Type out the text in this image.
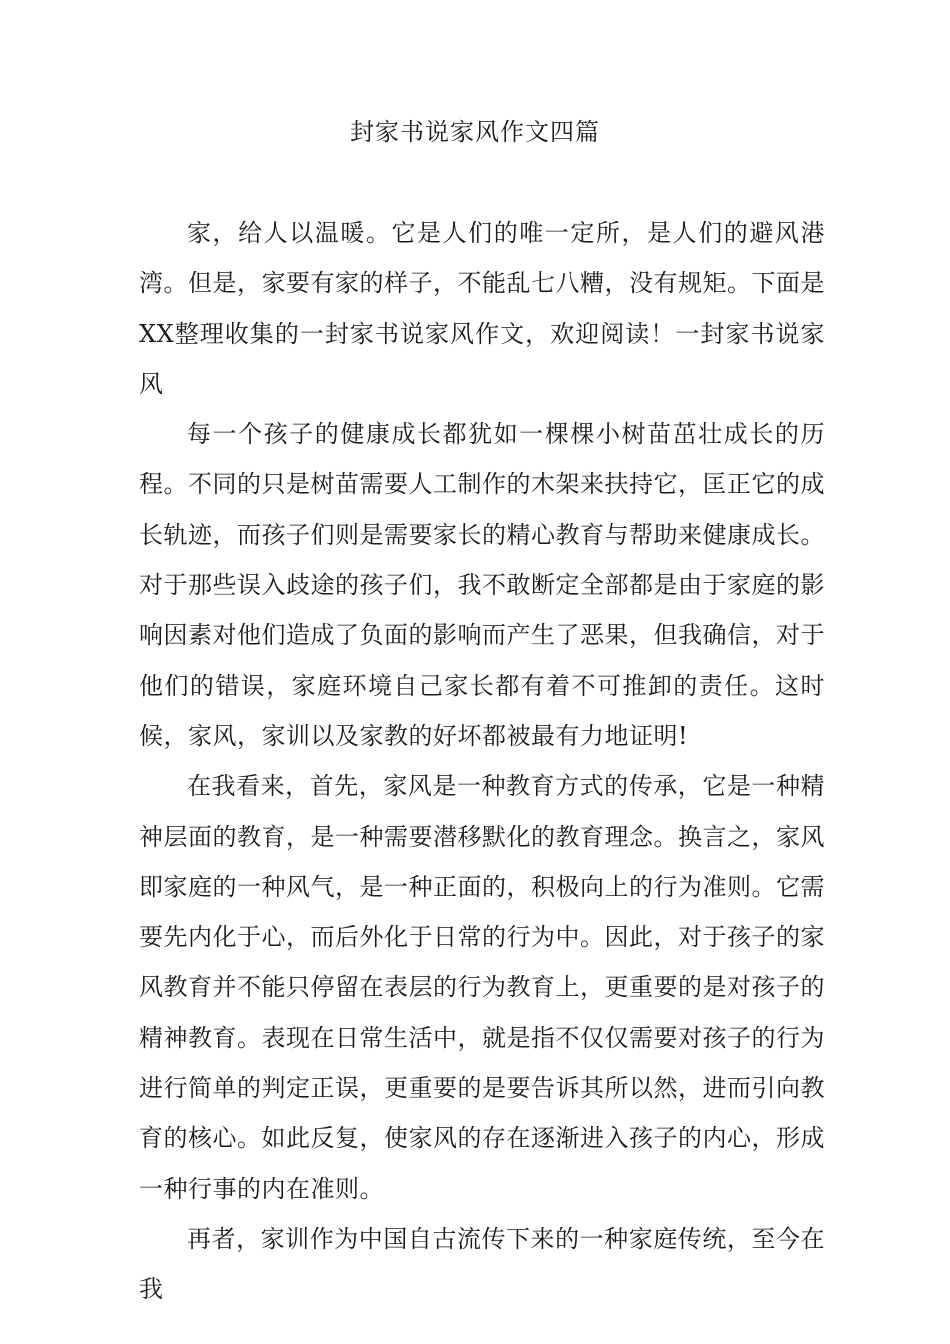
封家书说家风作文四篇

家，给人以温暖。它是人们的唯一定所，是人们的避风港湾。但是，家要有家的样子，不能乱七八糟，没有规矩。下面是XX整理收集的一封家书说家风作文，欢迎阅读！一封家书说家风

每一个孩子的健康成长都犹如一棵棵小树苗茁壮成长的历程。不同的只是树苗需要人工制作的木架来扶持它，匡正它的成长轨迹，而孩子们则是需要家长的精心教育与帮助来健康成长。对于那些误入歧途的孩子们，我不敢断定全部都是由于家庭的影响因素对他们造成了负面的影响而产生了恶果，但我确信，对于他们的错误，家庭环境自己家长都有着不可推卸的责任。这时候，家风，家训以及家教的好坏都被最有力地证明!

在我看来，首先，家风是一种教育方式的传承，它是一种精神层面的教育，是一种需要潜移默化的教育理念。换言之，家风即家庭的一种风气，是一种正面的，积极向上的行为准则。它需要先内化于心，而后外化于日常的行为中。因此，对于孩子的家风教育并不能只停留在表层的行为教育上，更重要的是对孩子的精神教育。表现在日常生活中，就是指不仅仅需要对孩子的行为进行简单的判定正误，更重要的是要告诉其所以然，进而引向教育的核心。如此反复，使家风的存在逐渐进入孩子的内心，形成一种行事的内在准则。

再者，家训作为中国自古流传下来的一种家庭传统，至今在我
